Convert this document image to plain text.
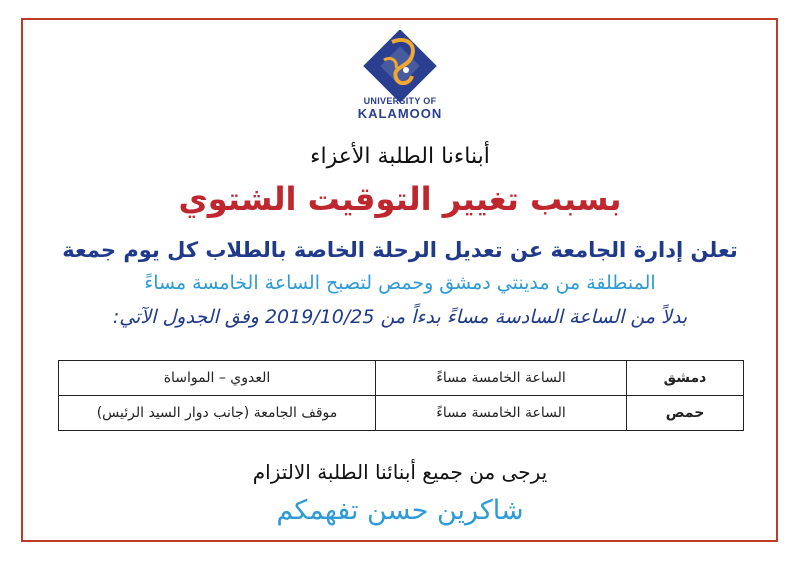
UNIVERSITY OF
KALAMOON
أبناءنا الطلبة الأعزاء
بسبب تغيير التوقيت الشتوي
تعلن إدارة الجامعة عن تعديل الرحلة الخاصة بالطلاب كل يوم جمعة
المنطلقة من مدينتي دمشق وحمص لتصبح الساعة الخامسة مساءً
بدلاً من الساعة السادسة مساءً بدءاً من 2019/10/25 وفق الجدول الآتي:
دمشق	الساعة الخامسة مساءً	العدوي – المواساة
حمص	الساعة الخامسة مساءً	موقف الجامعة (جانب دوار السيد الرئيس)
يرجى من جميع أبنائنا الطلبة الالتزام
شاكرين حسن تفهمكم
